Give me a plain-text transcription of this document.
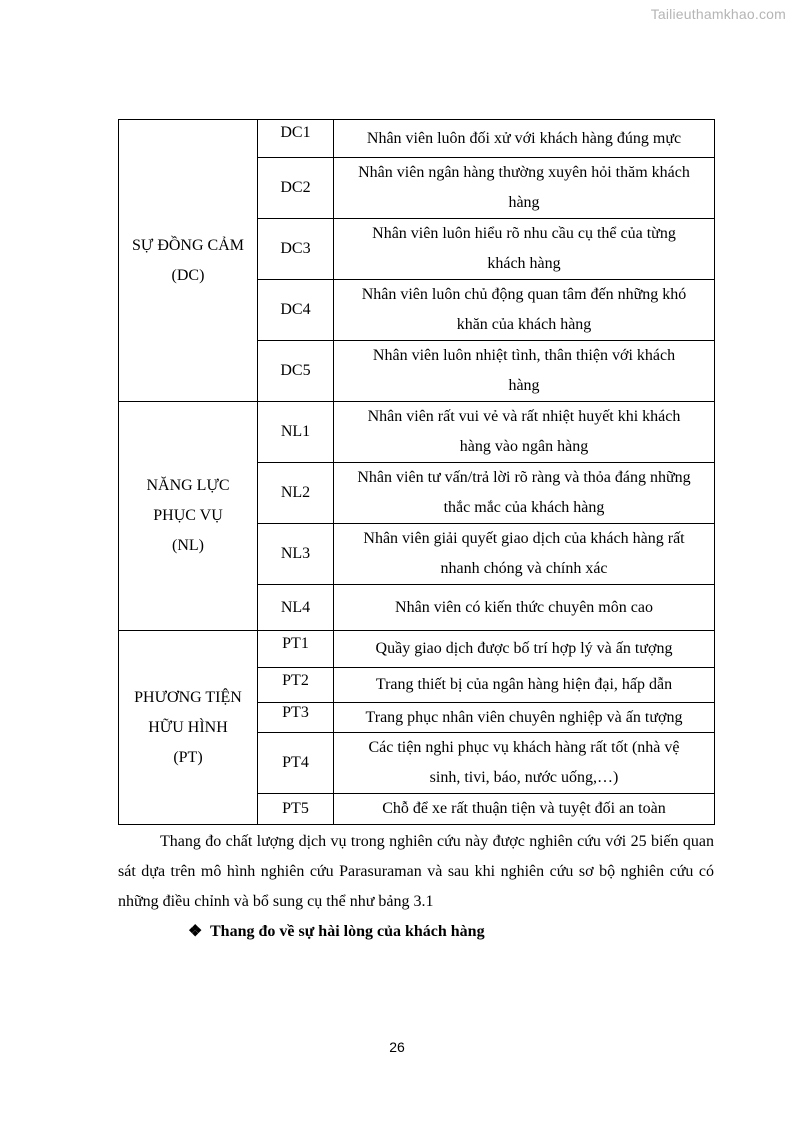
Tailieuthamkhao.com
SỰ ĐỒNG CẢM
(DC)	DC1	Nhân viên luôn đối xử với khách hàng đúng mực
	DC2	Nhân viên ngân hàng thường xuyên hỏi thăm khách
hàng

	DC3	Nhân viên luôn hiểu rõ nhu cầu cụ thể của từng
khách hàng

	DC4	Nhân viên luôn chủ động quan tâm đến những khó
khăn của khách hàng

	DC5	Nhân viên luôn nhiệt tình, thân thiện với khách
hàng

NĂNG LỰC
PHỤC VỤ
(NL)	NL1	Nhân viên rất vui vẻ và rất nhiệt huyết khi khách
hàng vào ngân hàng

	NL2	Nhân viên tư vấn/trả lời rõ ràng và thỏa đáng những
thắc mắc của khách hàng

	NL3	Nhân viên giải quyết giao dịch của khách hàng rất
nhanh chóng và chính xác

	NL4	Nhân viên có kiến thức chuyên môn cao

PHƯƠNG TIỆN
HỮU HÌNH
(PT)	PT1	Quầy giao dịch được bố trí hợp lý và ấn tượng
	PT2	Trang thiết bị của ngân hàng hiện đại, hấp dẫn
	PT3	Trang phục nhân viên chuyên nghiệp và ấn tượng
	PT4	Các tiện nghi phục vụ khách hàng rất tốt (nhà vệ
sinh, tivi, báo, nước uống,…)

	PT5	Chỗ để xe rất thuận tiện và tuyệt đối an toàn
Thang đo chất lượng dịch vụ trong nghiên cứu này được nghiên cứu với 25 biến quan sát dựa trên mô hình nghiên cứu Parasuraman và sau khi nghiên cứu sơ bộ nghiên cứu có những điều chỉnh và bổ sung cụ thể như bảng 3.1
❖ Thang đo về sự hài lòng của khách hàng
26
